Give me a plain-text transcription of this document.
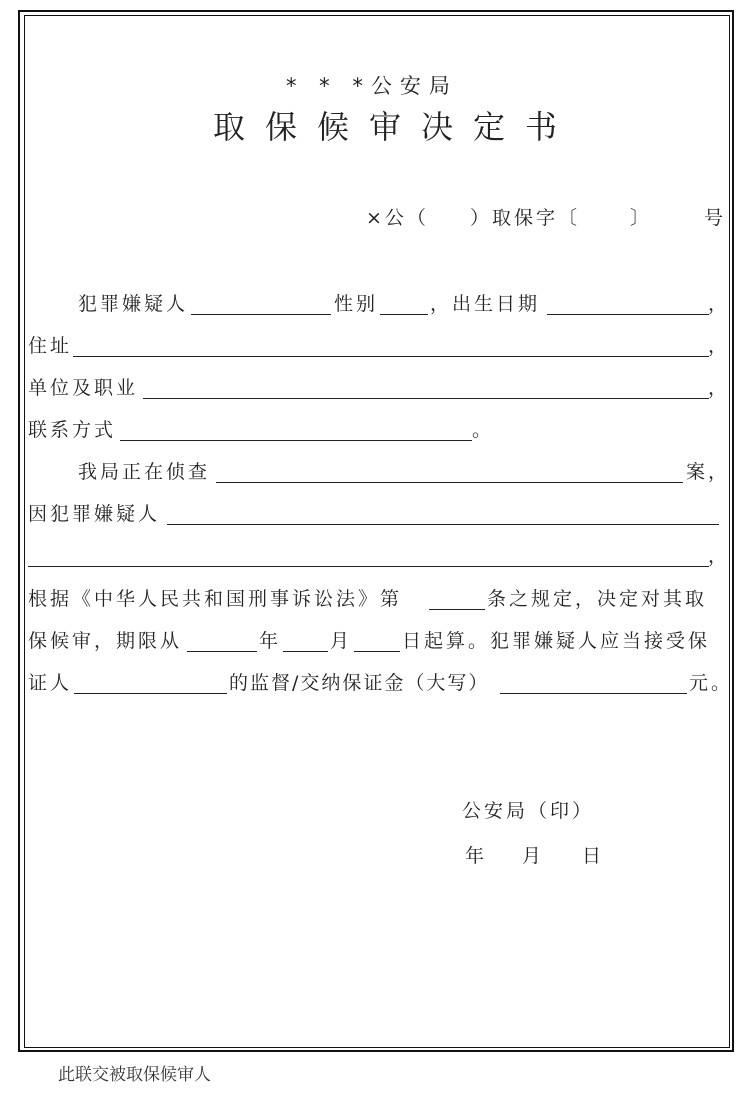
* * *公安局
取保候审决定书
×公（ ）取保字〔	〕	号
犯罪嫌疑人	性别	，出生日期	，
住址	，
单位及职业	，
联系方式	。
我局正在侦查	案，
因犯罪嫌疑人
，
根据《中华人民共和国刑事诉讼法》第	条之规定，决定对其取
保候审，期限从	年	月	日起算。犯罪嫌疑人应当接受保
证人	的监督/交纳保证金（大写）	元。
公安局（印）
年 月 日
此联交被取保候审人
